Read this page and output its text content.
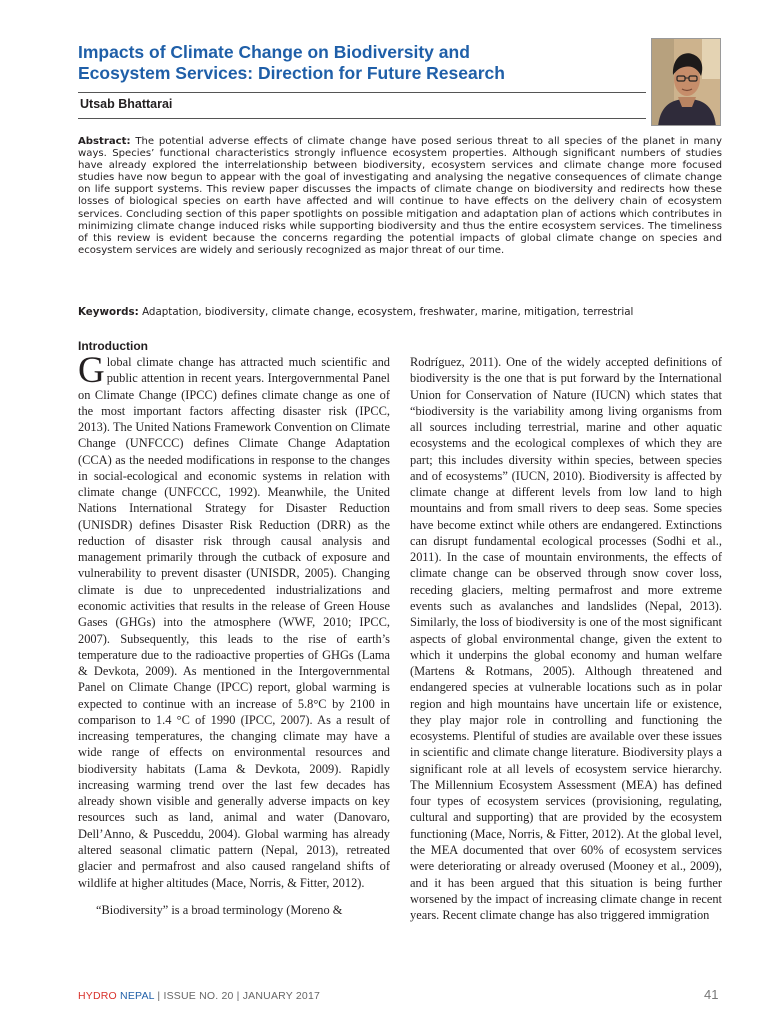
Impacts of Climate Change on Biodiversity and
Ecosystem Services: Direction for Future Research
Utsab Bhattarai
Abstract: The potential adverse effects of climate change have posed serious threat to all species of the planet in many ways. Species’ functional characteristics strongly influence ecosystem properties. Although significant numbers of studies have already explored the interrelationship between biodiversity, ecosystem services and climate change more focused studies have now begun to appear with the goal of investigating and analysing the negative consequences of climate change on life support systems. This review paper discusses the impacts of climate change on biodiversity and redirects how these losses of biological species on earth have affected and will continue to have effects on the delivery chain of ecosystem services. Concluding section of this paper spotlights on possible mitigation and adaptation plan of actions which contributes in minimizing climate change induced risks while supporting biodiversity and thus the entire ecosystem services. The timeliness of this review is evident because the concerns regarding the potential impacts of global climate change on species and ecosystem services are widely and seriously recognized as major threat of our time.
Keywords: Adaptation, biodiversity, climate change, ecosystem, freshwater, marine, mitigation, terrestrial
Introduction

Global climate change has attracted much scientific and public attention in recent years. Intergovernmental Panel on Climate Change (IPCC) defines climate change as one of the most important factors affecting disaster risk (IPCC, 2013). The United Nations Framework Convention on Climate Change (UNFCCC) defines Climate Change Adaptation (CCA) as the needed modifications in response to the changes in social-ecological and economic systems in relation with climate change (UNFCCC, 1992). Meanwhile, the United Nations International Strategy for Disaster Reduction (UNISDR) defines Disaster Risk Reduction (DRR) as the reduction of disaster risk through causal analysis and management primarily through the cutback of exposure and vulnerability to prevent disaster (UNISDR, 2005). Changing climate is due to unprecedented industrializations and economic activities that results in the release of Green House Gases (GHGs) into the atmosphere (WWF, 2010; IPCC, 2007). Subsequently, this leads to the rise of earth’s temperature due to the radioactive properties of GHGs (Lama & Devkota, 2009). As mentioned in the Intergovernmental Panel on Climate Change (IPCC) report, global warming is expected to continue with an increase of 5.8°C by 2100 in comparison to 1.4 °C of 1990 (IPCC, 2007). As a result of increasing temperatures, the changing climate may have a wide range of effects on environmental resources and biodiversity habitats (Lama & Devkota, 2009). Rapidly increasing warming trend over the last few decades has already shown visible and generally adverse impacts on key resources such as land, animal and water (Danovaro, Dell’Anno, & Pusceddu, 2004). Global warming has already altered seasonal climatic pattern (Nepal, 2013), retreated glacier and permafrost and also caused rangeland shifts of wildlife at higher altitudes (Mace, Norris, & Fitter, 2012).

“Biodiversity” is a broad terminology (Moreno &

Rodríguez, 2011). One of the widely accepted definitions of biodiversity is the one that is put forward by the International Union for Conservation of Nature (IUCN) which states that “biodiversity is the variability among living organisms from all sources including terrestrial, marine and other aquatic ecosystems and the ecological complexes of which they are part; this includes diversity within species, between species and of ecosystems” (IUCN, 2010). Biodiversity is affected by climate change at different levels from low land to high mountains and from small rivers to deep seas. Some species have become extinct while others are endangered. Extinctions can disrupt fundamental ecological processes (Sodhi et al., 2011). In the case of mountain environments, the effects of climate change can be observed through snow cover loss, receding glaciers, melting permafrost and more extreme events such as avalanches and landslides (Nepal, 2013). Similarly, the loss of biodiversity is one of the most significant aspects of global environmental change, given the extent to which it underpins the global economy and human welfare (Martens & Rotmans, 2005). Although threatened and endangered species at vulnerable locations such as in polar region and high mountains have uncertain life or existence, they play major role in controlling and functioning the ecosystems. Plentiful of studies are available over these issues in scientific and climate change literature. Biodiversity plays a significant role at all levels of ecosystem service hierarchy. The Millennium Ecosystem Assessment (MEA) has defined four types of ecosystem services (provisioning, regulating, cultural and supporting) that are provided by the ecosystem functioning (Mace, Norris, & Fitter, 2012). At the global level, the MEA documented that over 60% of ecosystem services were deteriorating or already overused (Mooney et al., 2009), and it has been argued that this situation is being further worsened by the impact of increasing climate change in recent years. Recent climate change has also triggered immigration

HYDRO NEPAL | ISSUE NO. 20 | JANUARY 2017	41
